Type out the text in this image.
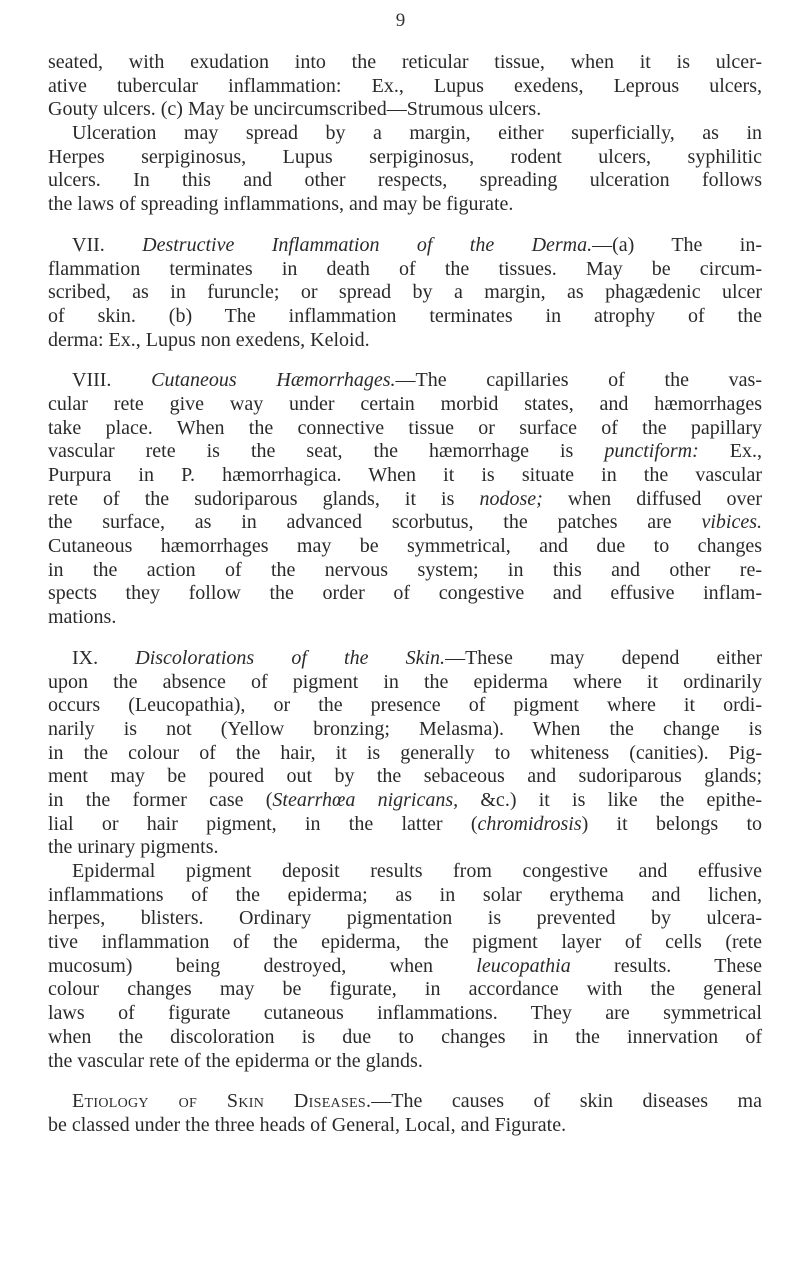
9
seated, with exudation into the reticular tissue, when it is ulcer-
ative tubercular inflammation: Ex., Lupus exedens, Leprous ulcers,
Gouty ulcers. (c) May be uncircumscribed—Strumous ulcers.
Ulceration may spread by a margin, either superficially, as in
Herpes serpiginosus, Lupus serpiginosus, rodent ulcers, syphilitic
ulcers. In this and other respects, spreading ulceration follows
the laws of spreading inflammations, and may be figurate.
VII. Destructive Inflammation of the Derma.—(a) The in-
flammation terminates in death of the tissues. May be circum-
scribed, as in furuncle; or spread by a margin, as phagædenic ulcer
of skin. (b) The inflammation terminates in atrophy of the
derma: Ex., Lupus non exedens, Keloid.
VIII. Cutaneous Hæmorrhages.—The capillaries of the vas-
cular rete give way under certain morbid states, and hæmorrhages
take place. When the connective tissue or surface of the papillary
vascular rete is the seat, the hæmorrhage is punctiform: Ex.,
Purpura in P. hæmorrhagica. When it is situate in the vascular
rete of the sudoriparous glands, it is nodose; when diffused over
the surface, as in advanced scorbutus, the patches are vibices.
Cutaneous hæmorrhages may be symmetrical, and due to changes
in the action of the nervous system; in this and other re-
spects they follow the order of congestive and effusive inflam-
mations.
IX. Discolorations of the Skin.—These may depend either
upon the absence of pigment in the epiderma where it ordinarily
occurs (Leucopathia), or the presence of pigment where it ordi-
narily is not (Yellow bronzing; Melasma). When the change is
in the colour of the hair, it is generally to whiteness (canities). Pig-
ment may be poured out by the sebaceous and sudoriparous glands;
in the former case (Stearrhœa nigricans, &c.) it is like the epithe-
lial or hair pigment, in the latter (chromidrosis) it belongs to
the urinary pigments.
Epidermal pigment deposit results from congestive and effusive
inflammations of the epiderma; as in solar erythema and lichen,
herpes, blisters. Ordinary pigmentation is prevented by ulcera-
tive inflammation of the epiderma, the pigment layer of cells (rete
mucosum) being destroyed, when leucopathia results. These
colour changes may be figurate, in accordance with the general
laws of figurate cutaneous inflammations. They are symmetrical
when the discoloration is due to changes in the innervation of
the vascular rete of the epiderma or the glands.
Etiology of Skin Diseases.—The causes of skin diseases ma
be classed under the three heads of General, Local, and Figurate.
